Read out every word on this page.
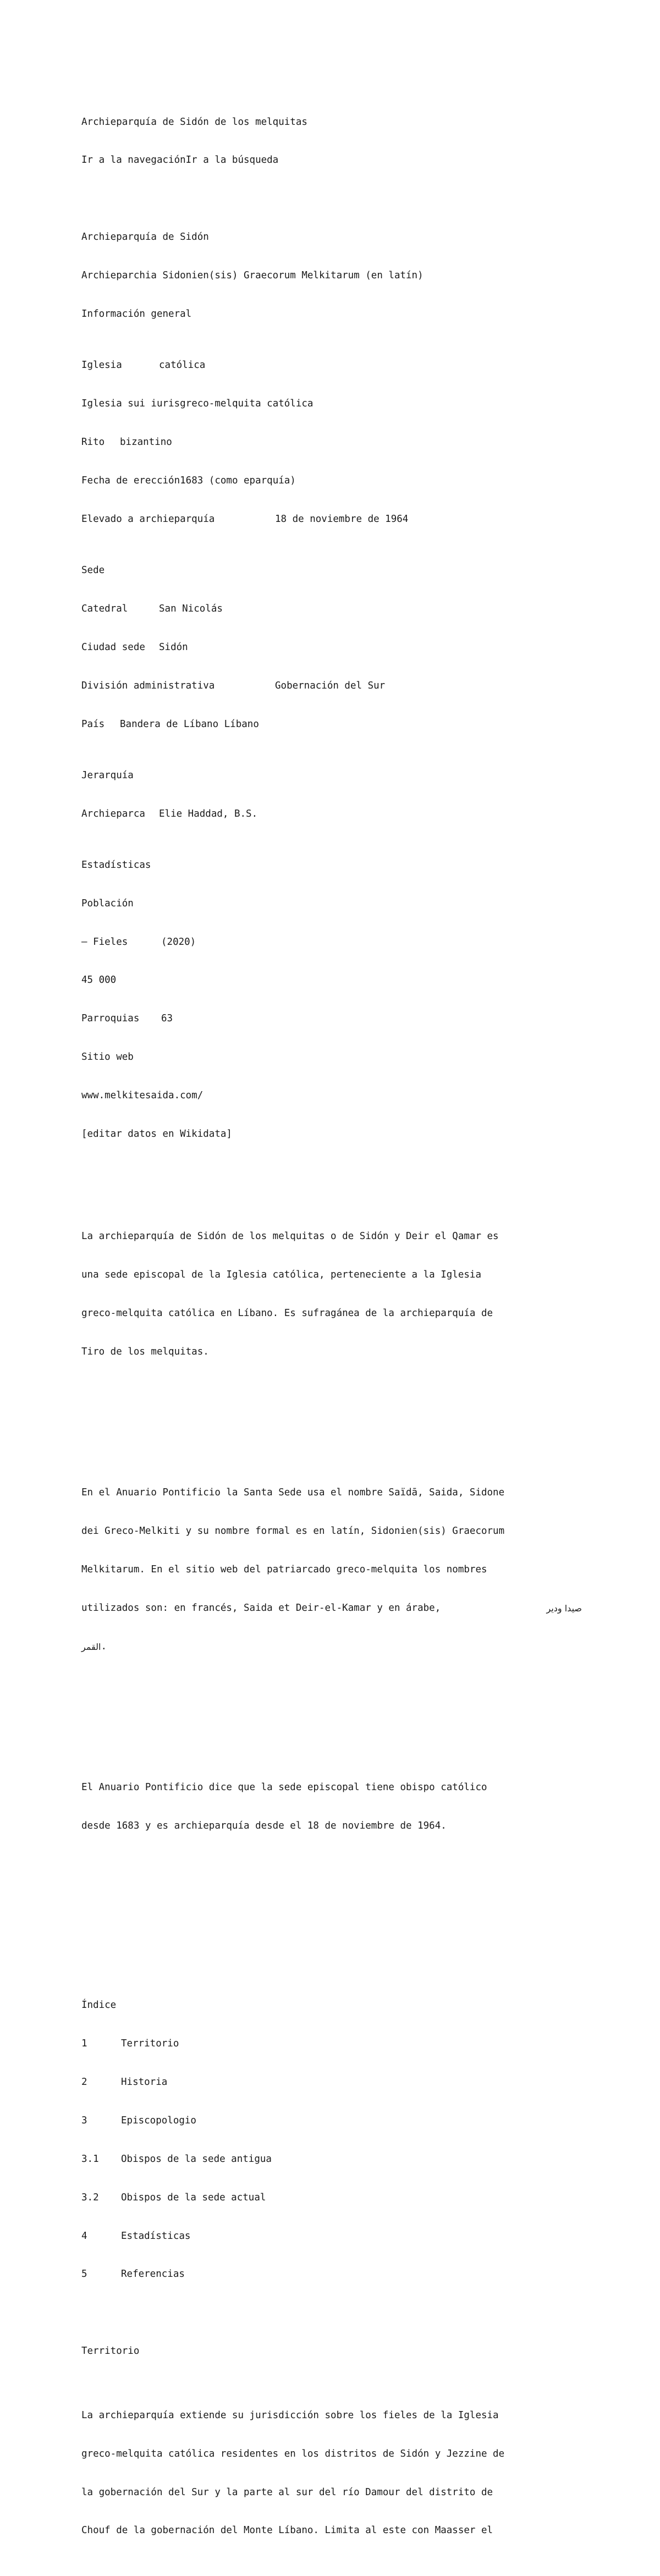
Archieparquía de Sidón de los melquitas

Ir a la navegaciónIr a la búsqueda

Archieparquía de Sidón

Archieparchia Sidonien(sis) Graecorum Melkitarum (en latín)

Información general

Iglesia	católica

Iglesia sui iuris greco-melquita católica

Rito	bizantino

Fecha de erección 1683 (como eparquía)

Elevado a archieparquía	18 de noviembre de 1964

Sede

Catedral	San Nicolás

Ciudad sede	Sidón

División administrativa	Gobernación del Sur

País	Bandera de Líbano Líbano

Jerarquía

Archieparca	Elie Haddad, B.S.

Estadísticas

Población

— Fieles	(2020)

45 000

Parroquias	63

Sitio web

www.melkitesaida.com/

[editar datos en Wikidata]

La archieparquía de Sidón de los melquitas o de Sidón y Deir el Qamar es

una sede episcopal de la Iglesia católica, perteneciente a la Iglesia

greco-melquita católica en Líbano. Es sufragánea de la archieparquía de

Tiro de los melquitas.

En el Anuario Pontificio la Santa Sede usa el nombre Saïdā, Saida, Sidone

dei Greco-Melkiti y su nombre formal es en latín, Sidonien(sis) Graecorum

Melkitarum. En el sitio web del patriarcado greco-melquita los nombres

utilizados son: en francés, Saida et Deir-el-Kamar y en árabe,	صيدا ودير

القمر .

El Anuario Pontificio dice que la sede episcopal tiene obispo católico

desde 1683 y es archieparquía desde el 18 de noviembre de 1964.

Índice

1	Territorio

2	Historia

3	Episcopologio

3.1	Obispos de la sede antigua

3.2	Obispos de la sede actual

4	Estadísticas

5	Referencias

Territorio

La archieparquía extiende su jurisdicción sobre los fieles de la Iglesia

greco-melquita católica residentes en los distritos de Sidón y Jezzine de

la gobernación del Sur y la parte al sur del río Damour del distrito de

Chouf de la gobernación del Monte Líbano. Limita al este con Maasser el
